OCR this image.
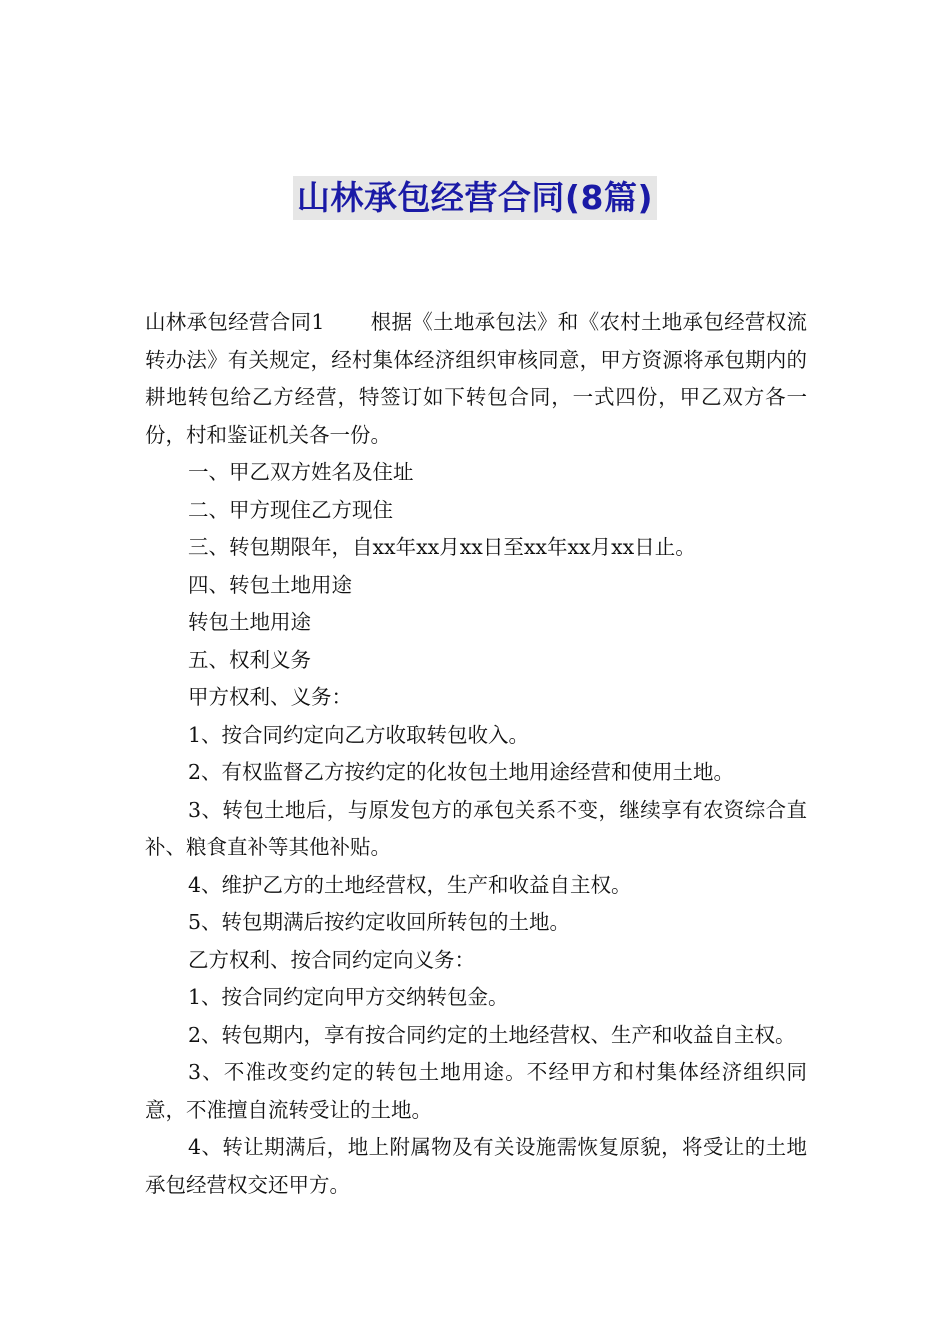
山林承包经营合同(8篇)

山林承包经营合同1 根据《土地承包法》和《农村土地承包经营权流转办法》有关规定，经村集体经济组织审核同意，甲方资源将承包期内的耕地转包给乙方经营，特签订如下转包合同，一式四份，甲乙双方各一份，村和鉴证机关各一份。

一、甲乙双方姓名及住址

二、甲方现住乙方现住

三、转包期限年，自xx年xx月xx日至xx年xx月xx日止。

四、转包土地用途

转包土地用途

五、权利义务

甲方权利、义务：

1、按合同约定向乙方收取转包收入。

2、有权监督乙方按约定的化妆包土地用途经营和使用土地。

3、转包土地后，与原发包方的承包关系不变，继续享有农资综合直补、粮食直补等其他补贴。

4、维护乙方的土地经营权，生产和收益自主权。

5、转包期满后按约定收回所转包的土地。

乙方权利、按合同约定向义务：

1、按合同约定向甲方交纳转包金。

2、转包期内，享有按合同约定的土地经营权、生产和收益自主权。

3、不准改变约定的转包土地用途。不经甲方和村集体经济组织同意，不准擅自流转受让的土地。

4、转让期满后，地上附属物及有关设施需恢复原貌，将受让的土地承包经营权交还甲方。
